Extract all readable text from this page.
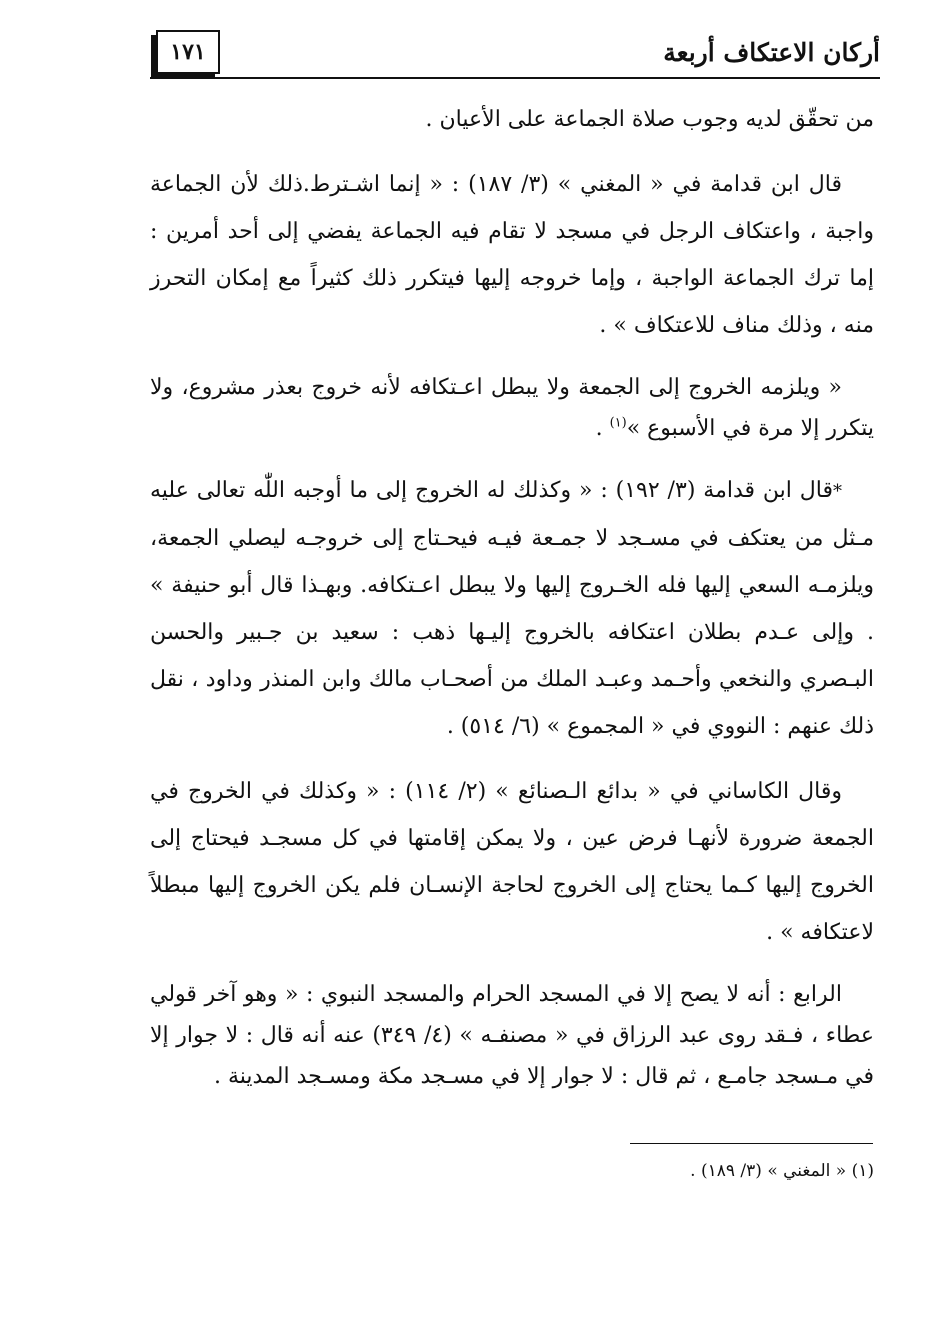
أركان الاعتكاف أربعة
١٧١

من تحقّق لديه وجوب صلاة الجماعة على الأعيان .

قال ابن قدامة في « المغني » (٣/ ١٨٧) : « إنما اشـترط.ذلك لأن الجماعة واجبة ، واعتكاف الرجل في مسجد لا تقام فيه الجماعة يفضي إلى أحد أمرين : إما ترك الجماعة الواجبة ، وإما خروجه إليها فيتكرر ذلك كثيراً مع إمكان التحرز منه ، وذلك مناف للاعتكاف » .

« ويلزمه الخروج إلى الجمعة ولا يبطل اعـتكافه لأنه خروج بعذر مشروع، ولا يتكرر إلا مرة في الأسبوع »$^{(١)}$ .

*قال ابن قدامة (٣/ ١٩٢) : « وكذلك له الخروج إلى ما أوجبه اللّٰه تعالى عليه مـثل من يعتكف في مسـجد لا جمـعة فيـه فيحـتاج إلى خروجـه ليصلي الجمعة، ويلزمـه السعي إليها فله الخـروج إليها ولا يبطل اعـتكافه. وبهـذا قال أبو حنيفة » . وإلى عـدم بطلان اعتكافه بالخروج إليـها ذهب : سعيد بن جـبير والحسن البـصري والنخعي وأحـمد وعبـد الملك من أصحـاب مالك وابن المنذر وداود ، نقل ذلك عنهم : النووي في « المجموع » (٦/ ٥١٤) .

وقال الكاساني في « بدائع الـصنائع » (٢/ ١١٤) : « وكذلك في الخروج في الجمعة ضرورة لأنهـا فرض عين ، ولا يمكن إقامتها في كل مسجـد فيحتاج إلى الخروج إليها كـما يحتاج إلى الخروج لحاجة الإنسـان فلم يكن الخروج إليها مبطلاً لاعتكافه » .

الرابع : أنه لا يصح إلا في المسجد الحرام والمسجد النبوي : « وهو آخر قولي عطاء ، فـقد روى عبد الرزاق في « مصنفـه » (٤/ ٣٤٩) عنه أنه قال : لا جوار إلا في مـسجد جامـع ، ثم قال : لا جوار إلا في مسـجد مكة ومسـجد المدينة .

(١) « المغني » (٣/ ١٨٩) .
